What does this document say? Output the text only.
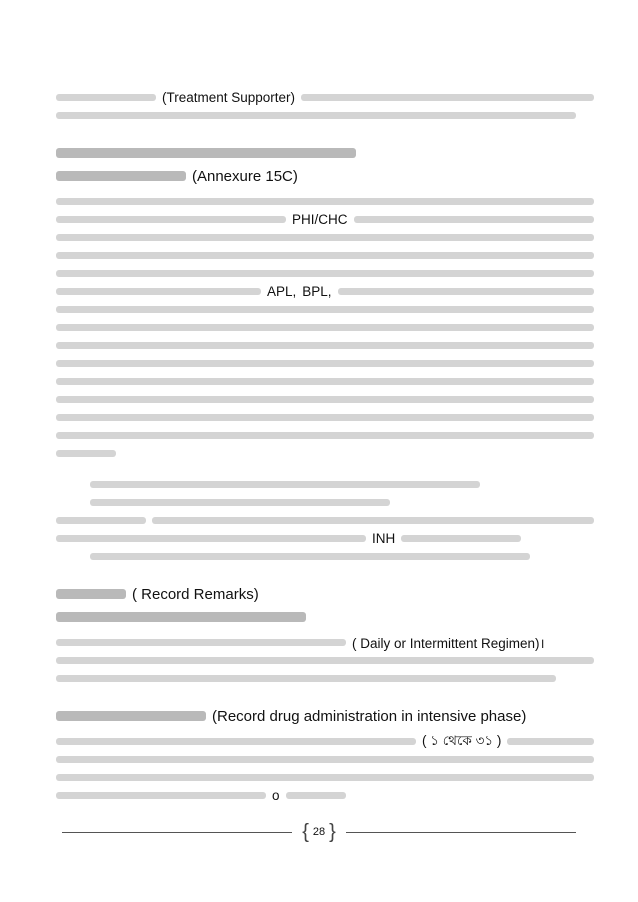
(Treatment Supporter)
(Annexure 15C)
PHI/CHC
APL, BPL,
INH
( Record Remarks)
( Daily or Intermittent Regimen)।
(Record drug administration in intensive phase)
( ১ থেকে ৩১ )
o
{ 28 }
